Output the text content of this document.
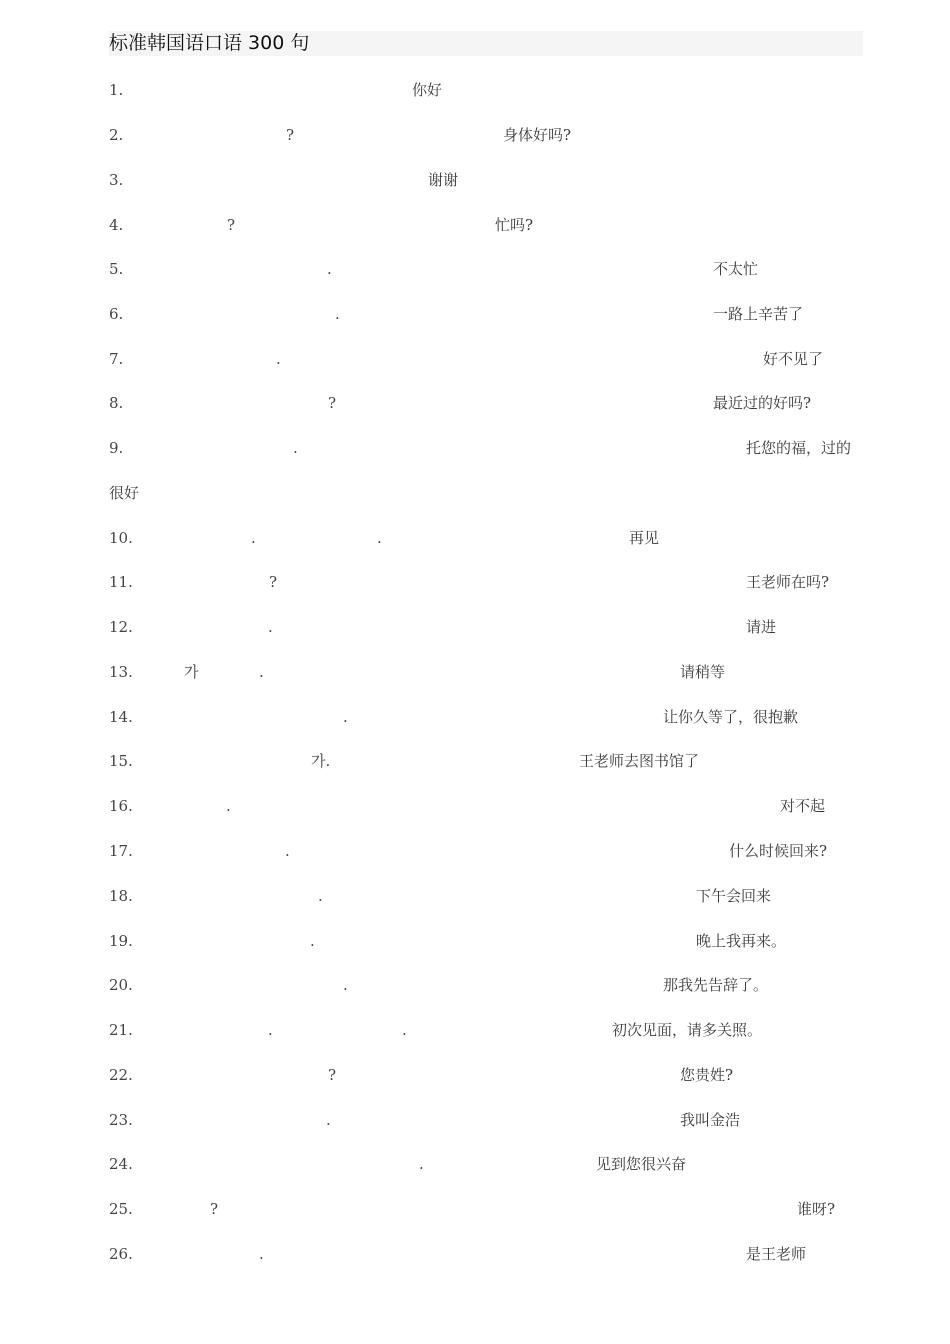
标准韩国语口语 300 句
1.	你好
2.	?	身体好吗?
3.	谢谢
4.	?	忙吗?
5.	.	不太忙
6.	.	一路上辛苦了
7.	.	好不见了
8.	?	最近过的好吗?
9.	.	托您的福，过的
很好
10.	.	.	再见
11.	?	王老师在吗?
12.	.	请进
13.	가	.	请稍等
14.	.	让你久等了，很抱歉
15.	가.	王老师去图书馆了
16.	.	对不起
17.	.	什么时候回来?
18.	.	下午会回来
19.	.	晚上我再来。
20.	.	那我先告辞了。
21.	.	.	初次见面，请多关照。
22.	?	您贵姓?
23.	.	我叫金浩
24.	.	见到您很兴奋
25.	?	谁呀?
26.	.	是王老师
